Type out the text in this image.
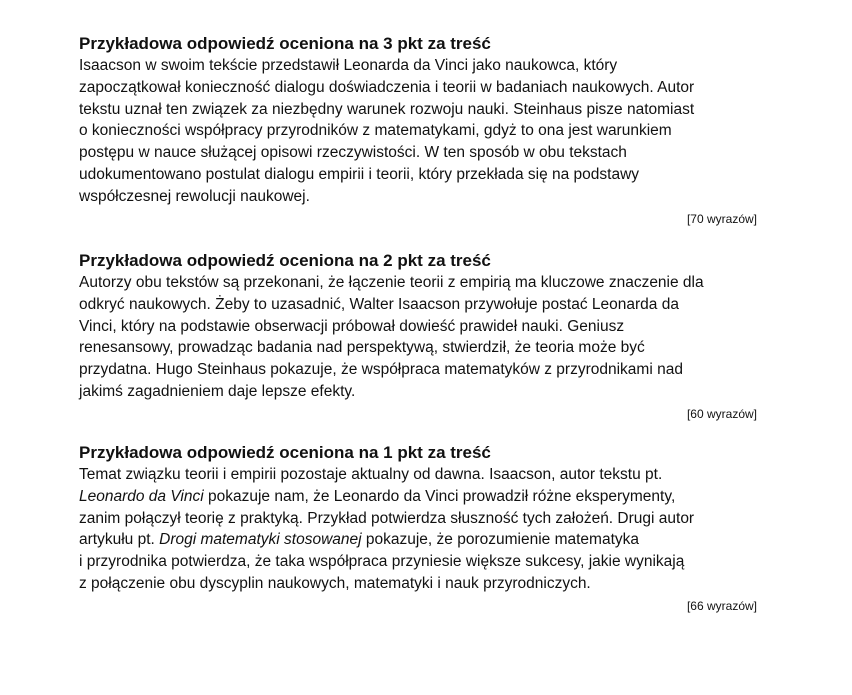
Przykładowa odpowiedź oceniona na 3 pkt za treść
Isaacson w swoim tekście przedstawił Leonarda da Vinci jako naukowca, który
zapoczątkował konieczność dialogu doświadczenia i teorii w badaniach naukowych. Autor
tekstu uznał ten związek za niezbędny warunek rozwoju nauki. Steinhaus pisze natomiast
o konieczności współpracy przyrodników z matematykami, gdyż to ona jest warunkiem
postępu w nauce służącej opisowi rzeczywistości. W ten sposób w obu tekstach
udokumentowano postulat dialogu empirii i teorii, który przekłada się na podstawy
współczesnej rewolucji naukowej.
[70 wyrazów]
Przykładowa odpowiedź oceniona na 2 pkt za treść
Autorzy obu tekstów są przekonani, że łączenie teorii z empirią ma kluczowe znaczenie dla
odkryć naukowych. Żeby to uzasadnić, Walter Isaacson przywołuje postać Leonarda da
Vinci, który na podstawie obserwacji próbował dowieść prawideł nauki. Geniusz
renesansowy, prowadząc badania nad perspektywą, stwierdził, że teoria może być
przydatna. Hugo Steinhaus pokazuje, że współpraca matematyków z przyrodnikami nad
jakimś zagadnieniem daje lepsze efekty.
[60 wyrazów]
Przykładowa odpowiedź oceniona na 1 pkt za treść
Temat związku teorii i empirii pozostaje aktualny od dawna. Isaacson, autor tekstu pt.
Leonardo da Vinci pokazuje nam, że Leonardo da Vinci prowadził różne eksperymenty,
zanim połączył teorię z praktyką. Przykład potwierdza słuszność tych założeń. Drugi autor
artykułu pt. Drogi matematyki stosowanej pokazuje, że porozumienie matematyka
i przyrodnika potwierdza, że taka współpraca przyniesie większe sukcesy, jakie wynikają
z połączenie obu dyscyplin naukowych, matematyki i nauk przyrodniczych.
[66 wyrazów]
